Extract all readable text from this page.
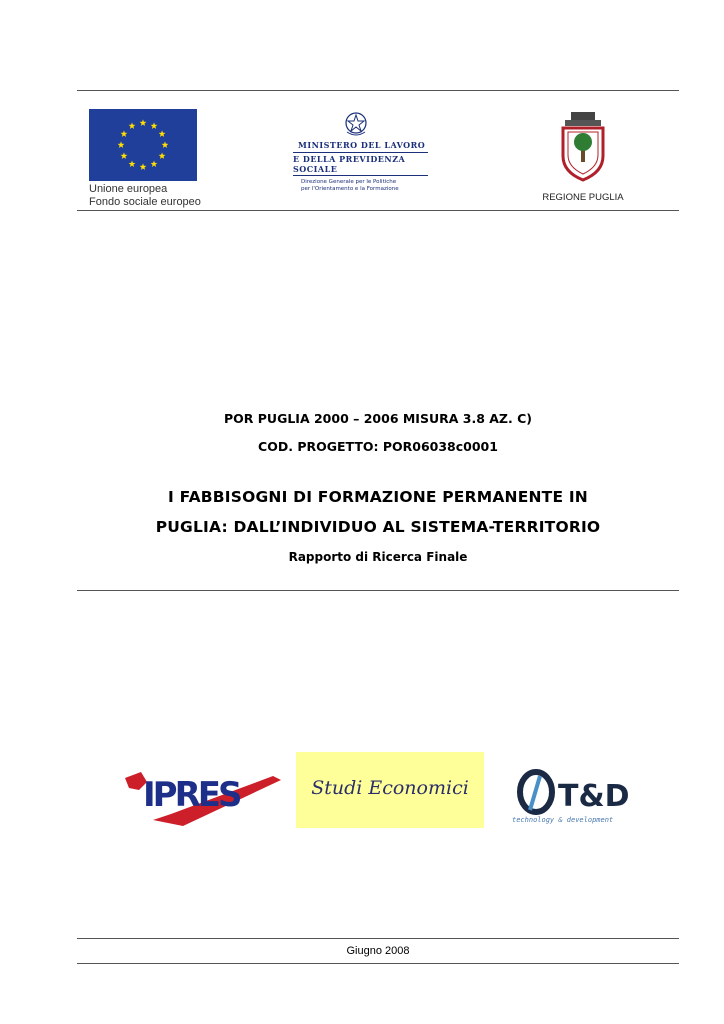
Unione europea
Fondo sociale europeo
MINISTERO DEL LAVORO
E DELLA PREVIDENZA SOCIALE
Direzione Generale per le Politiche
per l'Orientamento e la Formazione
REGIONE PUGLIA
POR PUGLIA 2000 – 2006 MISURA 3.8 AZ. C)
COD. PROGETTO: POR06038c0001
I FABBISOGNI DI FORMAZIONE PERMANENTE IN
PUGLIA: DALL’INDIVIDUO AL SISTEMA-TERRITORIO
Rapporto di Ricerca Finale
IPRES	Studi Economici	T&D
technology & development
Giugno 2008
